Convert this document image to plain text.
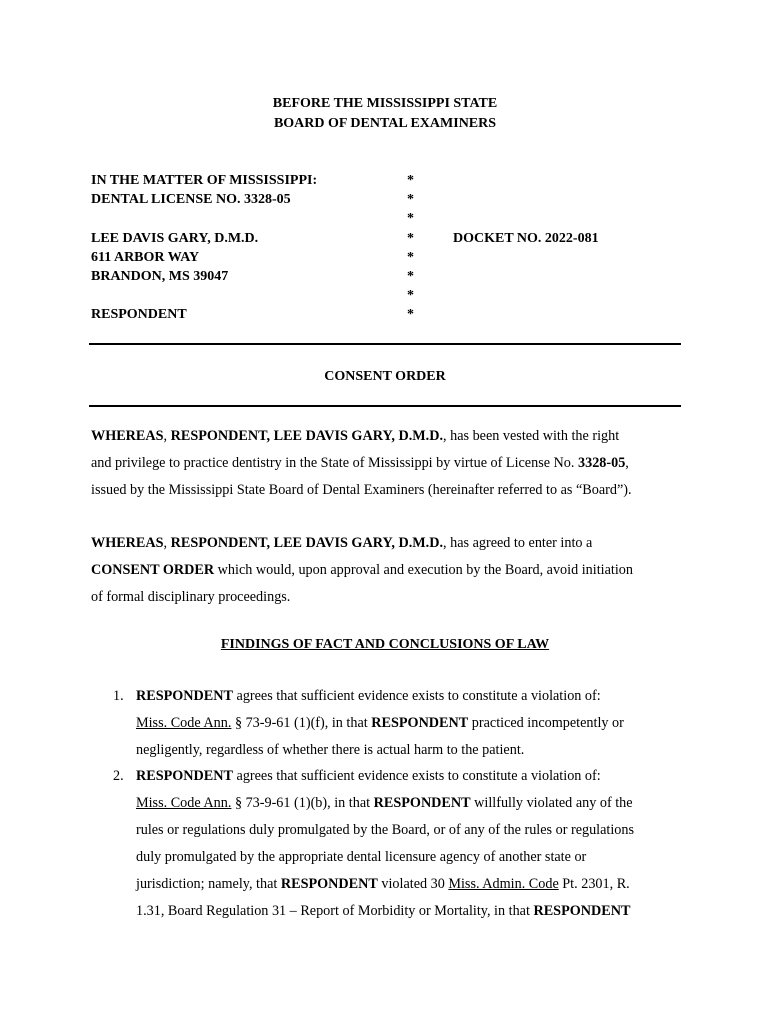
BEFORE THE MISSISSIPPI STATE
BOARD OF DENTAL EXAMINERS
IN THE MATTER OF MISSISSIPPI:
DENTAL LICENSE NO. 3328-05
LEE DAVIS GARY, D.M.D.
611 ARBOR WAY
BRANDON, MS 39047
RESPONDENT
*
*
*
*
*
*
*
*
DOCKET NO. 2022-081
CONSENT ORDER
WHEREAS, RESPONDENT, LEE DAVIS GARY, D.M.D., has been vested with the right
and privilege to practice dentistry in the State of Mississippi by virtue of License No. 3328-05,
issued by the Mississippi State Board of Dental Examiners (hereinafter referred to as “Board”).
WHEREAS, RESPONDENT, LEE DAVIS GARY, D.M.D., has agreed to enter into a
CONSENT ORDER which would, upon approval and execution by the Board, avoid initiation
of formal disciplinary proceedings.
FINDINGS OF FACT AND CONCLUSIONS OF LAW
1. RESPONDENT agrees that sufficient evidence exists to constitute a violation of:
Miss. Code Ann. § 73-9-61 (1)(f), in that RESPONDENT practiced incompetently or
negligently, regardless of whether there is actual harm to the patient.
2. RESPONDENT agrees that sufficient evidence exists to constitute a violation of:
Miss. Code Ann. § 73-9-61 (1)(b), in that RESPONDENT willfully violated any of the
rules or regulations duly promulgated by the Board, or of any of the rules or regulations
duly promulgated by the appropriate dental licensure agency of another state or
jurisdiction; namely, that RESPONDENT violated 30 Miss. Admin. Code Pt. 2301, R.
1.31, Board Regulation 31 – Report of Morbidity or Mortality, in that RESPONDENT
